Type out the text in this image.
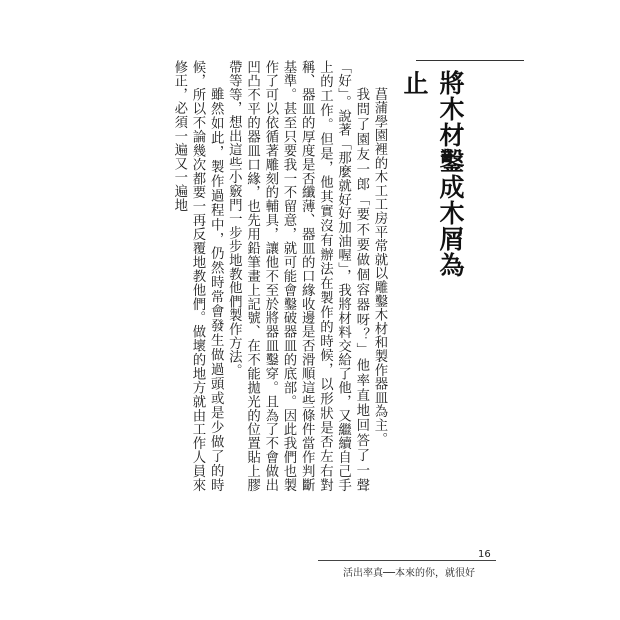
將木材鑿成木屑為止

菖蒲學園裡的木工工房平常就以雕鑿木材和製作器皿為主。

我問了園友一郎「要不要做個容器呀？」他率直地回答了一聲「好」。說著「那麼就好好加油喔」，我將材料交給了他，又繼續自己手上的工作。但是，他其實沒有辦法在製作的時候，以形狀是否左右對稱、器皿的厚度是否纖薄、器皿的口緣收邊是否滑順這些條件當作判斷基準。甚至只要我一不留意，就可能會鑿破器皿的底部。因此我們也製作了可以依循著雕刻的輔具，讓他不至於將器皿鑿穿。且為了不會做出凹凸不平的器皿口緣，也先用鉛筆畫上記號、在不能拋光的位置貼上膠帶等等，想出這些小竅門一步步地教他們製作方法。

雖然如此，製作過程中，仍然時常會發生做過頭或是少做了的時候，所以不論幾次都要一再反覆地教他們。做壞的地方就由工作人員來修正，必須一遍又一遍地

16
活出率真──本來的你，就很好
